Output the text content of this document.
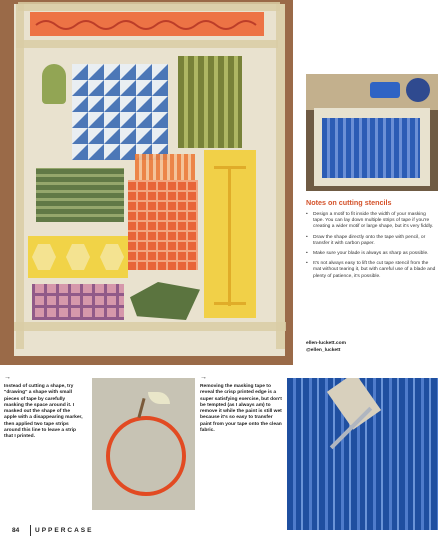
Notes on cutting stencils
• Design a motif to fit inside the width of your masking tape. You can lay down multiple strips of tape if you're creating a wider motif or large shape, but it's very fiddly.
• Draw the shape directly onto the tape with pencil, or transfer it with carbon paper.
• Make sure your blade is always as sharp as possible.
• It's not always easy to lift the cut tape stencil from the mat without tearing it, but with careful use of a blade and plenty of patience, it's possible.
ellen-luckett.com
@ellen_luckett
→
Instead of cutting a shape, try "drawing" a shape with small pieces of tape by carefully masking the space around it. I masked out the shape of the apple with a disappearing marker, then applied two tape strips around this line to leave a strip that I printed.
→
Removing the masking tape to reveal the crisp printed edge is a super satisfying exercise, but don't be tempted (as I always am) to remove it while the paint is still wet because it's so easy to transfer paint from your tape onto the clean fabric.
84 UPPERCASE
